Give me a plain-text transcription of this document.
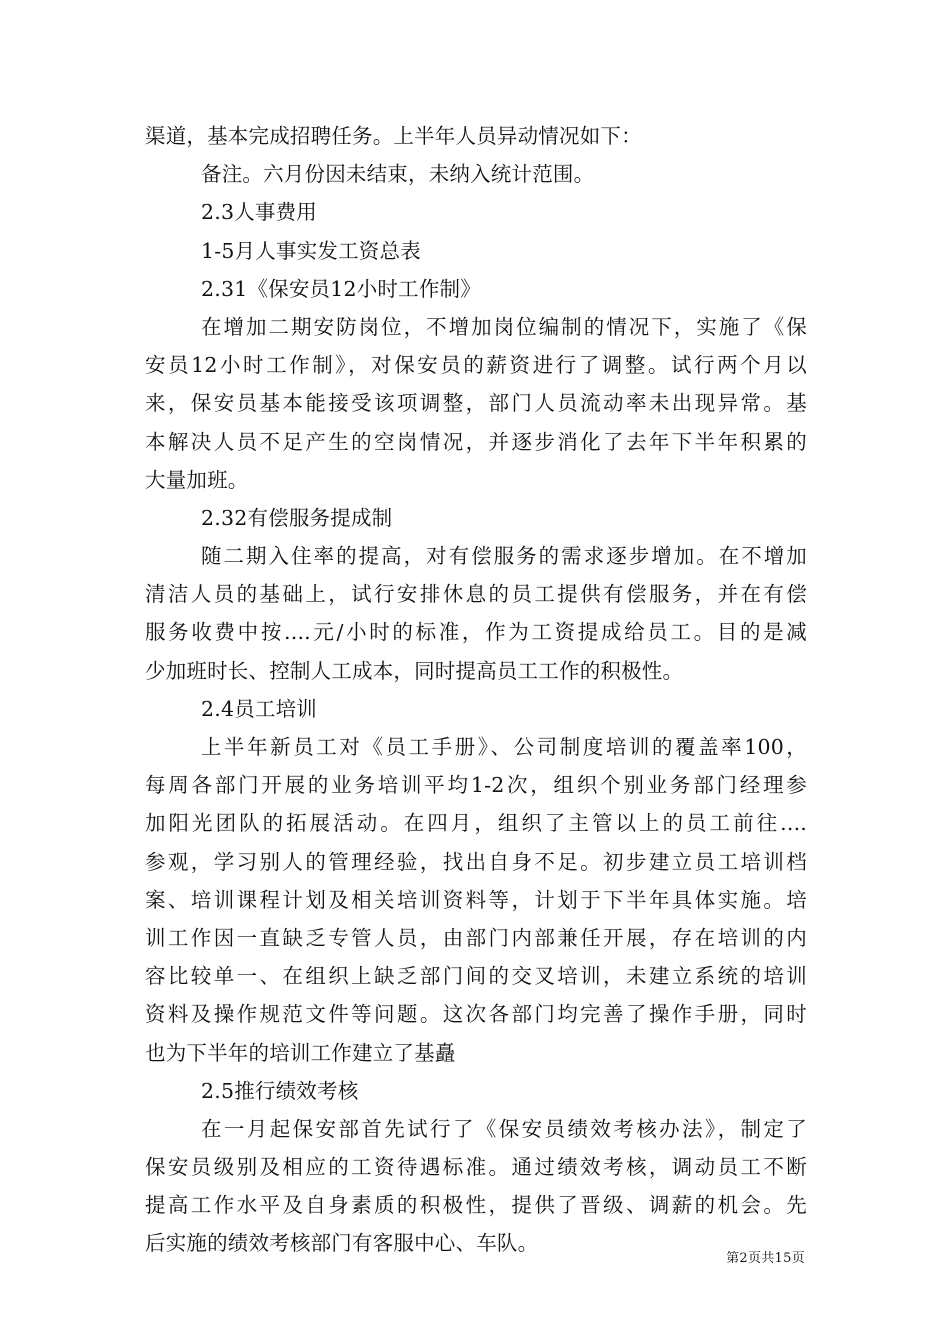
渠道，基本完成招聘任务。上半年人员异动情况如下：
备注。六月份因未结束，未纳入统计范围。
2.3人事费用
1-5月人事实发工资总表
2.31《保安员12小时工作制》
在增加二期安防岗位，不增加岗位编制的情况下，实施了《保
安员12小时工作制》，对保安员的薪资进行了调整。试行两个月以
来，保安员基本能接受该项调整，部门人员流动率未出现异常。基
本解决人员不足产生的空岗情况，并逐步消化了去年下半年积累的
大量加班。
2.32有偿服务提成制
随二期入住率的提高，对有偿服务的需求逐步增加。在不增加
清洁人员的基础上，试行安排休息的员工提供有偿服务，并在有偿
服务收费中按....元/小时的标准，作为工资提成给员工。目的是减
少加班时长、控制人工成本，同时提高员工工作的积极性。
2.4员工培训
上半年新员工对《员工手册》、公司制度培训的覆盖率100，
每周各部门开展的业务培训平均1-2次，组织个别业务部门经理参
加阳光团队的拓展活动。在四月，组织了主管以上的员工前往....
参观，学习别人的管理经验，找出自身不足。初步建立员工培训档
案、培训课程计划及相关培训资料等，计划于下半年具体实施。培
训工作因一直缺乏专管人员，由部门内部兼任开展，存在培训的内
容比较单一、在组织上缺乏部门间的交叉培训，未建立系统的培训
资料及操作规范文件等问题。这次各部门均完善了操作手册，同时
也为下半年的培训工作建立了基矗
2.5推行绩效考核
在一月起保安部首先试行了《保安员绩效考核办法》，制定了
保安员级别及相应的工资待遇标准。通过绩效考核，调动员工不断
提高工作水平及自身素质的积极性，提供了晋级、调薪的机会。先
后实施的绩效考核部门有客服中心、车队。
第2页共15页
